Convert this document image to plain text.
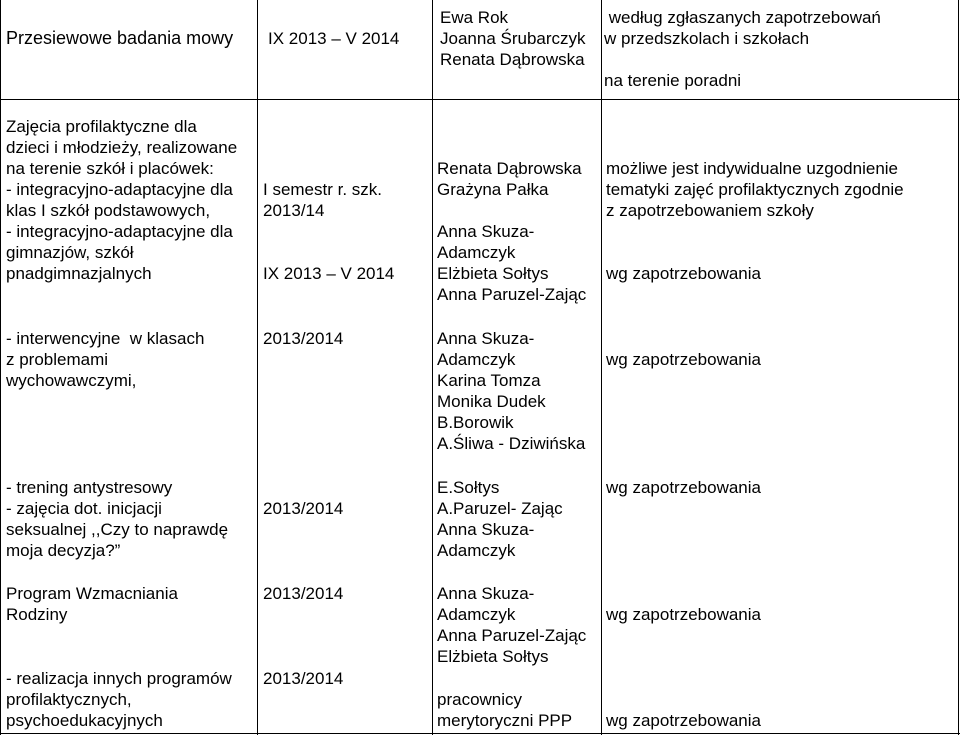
Przesiewowe badania mowy IX 2013 – V 2014
Ewa Rok
Joanna Śrubarczyk
Renata Dąbrowska
według zgłaszanych zapotrzebowań
w przedszkolach i szkołach
na terenie poradni
Zajęcia profilaktyczne dla
dzieci i młodzieży, realizowane
na terenie szkół i placówek:
- integracyjno-adaptacyjne dla
klas I szkół podstawowych,
- integracyjno-adaptacyjne dla
gimnazjów, szkół
pnadgimnazjalnych
I semestr r. szk.
2013/14
IX 2013 – V 2014
Renata Dąbrowska
Grażyna Pałka

Anna Skuza-
Adamczyk
Elżbieta Sołtys
Anna Paruzel-Zając
możliwe jest indywidualne uzgodnienie
tematyki zajęć profilaktycznych zgodnie
z zapotrzebowaniem szkoły
wg zapotrzebowania
- interwencyjne  w klasach
z problemami
wychowawczymi,
2013/2014	Anna Skuza-
Adamczyk
Karina Tomza
Monika Dudek
B.Borowik
A.Śliwa - Dziwińska
wg zapotrzebowania
- trening antystresowy
- zajęcia dot. inicjacji
seksualnej ,,Czy to naprawdę
moja decyzja?”
2013/2014
E.Sołtys
A.Paruzel- Zając
Anna Skuza-
Adamczyk
wg zapotrzebowania
Program Wzmacniania
Rodziny
2013/2014	Anna Skuza-
Adamczyk
Anna Paruzel-Zając
Elżbieta Sołtys
wg zapotrzebowania
- realizacja innych programów
profilaktycznych,
psychoedukacyjnych
2013/2014
pracownicy
merytoryczni PPP wg zapotrzebowania
